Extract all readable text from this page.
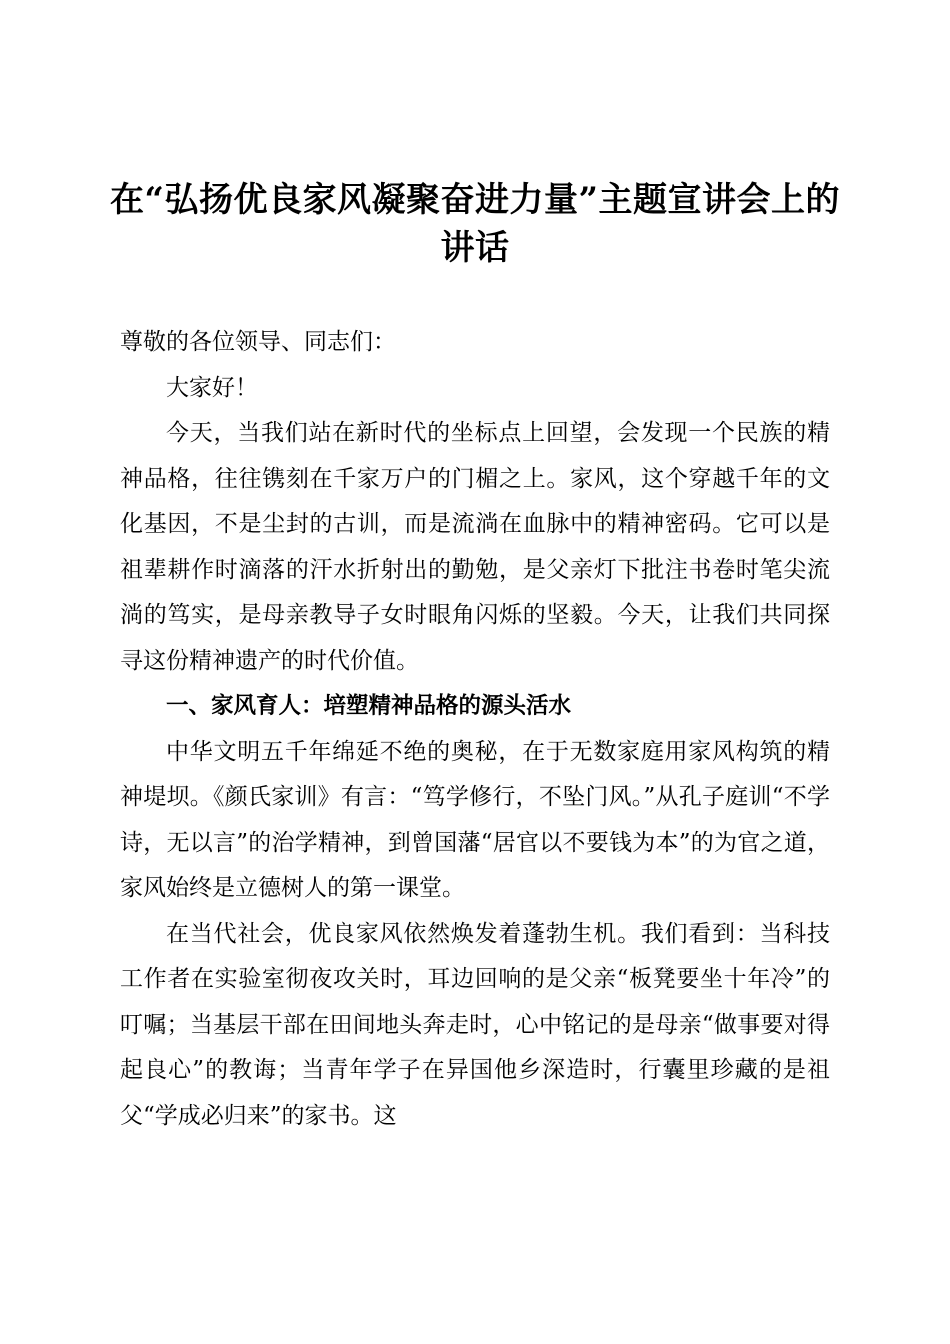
在“弘扬优良家风凝聚奋进力量”主题宣讲会上的讲话

尊敬的各位领导、同志们：

大家好！

今天，当我们站在新时代的坐标点上回望，会发现一个民族的精神品格，往往镌刻在千家万户的门楣之上。家风，这个穿越千年的文化基因，不是尘封的古训，而是流淌在血脉中的精神密码。它可以是祖辈耕作时滴落的汗水折射出的勤勉，是父亲灯下批注书卷时笔尖流淌的笃实，是母亲教导子女时眼角闪烁的坚毅。今天，让我们共同探寻这份精神遗产的时代价值。

一、家风育人：培塑精神品格的源头活水

中华文明五千年绵延不绝的奥秘，在于无数家庭用家风构筑的精神堤坝。《颜氏家训》有言：“笃学修行，不坠门风。”从孔子庭训“不学诗，无以言”的治学精神，到曾国藩“居官以不要钱为本”的为官之道，家风始终是立德树人的第一课堂。

在当代社会，优良家风依然焕发着蓬勃生机。我们看到：当科技工作者在实验室彻夜攻关时，耳边回响的是父亲“板凳要坐十年冷”的叮嘱；当基层干部在田间地头奔走时，心中铭记的是母亲“做事要对得起良心”的教诲；当青年学子在异国他乡深造时，行囊里珍藏的是祖父“学成必归来”的家书。这
